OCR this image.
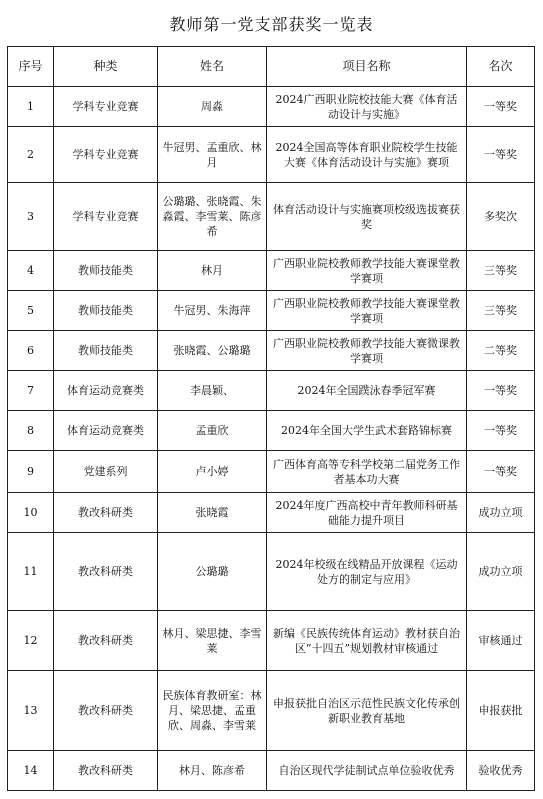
教师第一党支部获奖一览表
序号	种类	姓名	项目名称	名次
1	学科专业竞赛	周淼	2024广西职业院校技能大赛《体育活动设计与实施》	一等奖
2	学科专业竞赛	牛冠男、孟重欣、林月	2024全国高等体育职业院校学生技能大赛《体育活动设计与实施》赛项	一等奖
3	学科专业竞赛	公璐璐、张晓霞、朱淼霞、李雪莱、陈彦希	体育活动设计与实施赛项校级选拔赛获奖	多奖次
4	教师技能类	林月	广西职业院校教师教学技能大赛课堂教学赛项	三等奖
5	教师技能类	牛冠男、朱海萍	广西职业院校教师教学技能大赛课堂教学赛项	三等奖
6	教师技能类	张晓霞、公璐璐	广西职业院校教师教学技能大赛微课教学赛项	二等奖
7	体育运动竞赛类	李晨颖、	2024年全国蹼泳春季冠军赛	一等奖
8	体育运动竞赛类	孟重欣	2024年全国大学生武术套路锦标赛	一等奖
9	党建系列	卢小婷	广西体育高等专科学校第二届党务工作者基本功大赛	一等奖
10	教改科研类	张晓霞	2024年度广西高校中青年教师科研基础能力提升项目	成功立项
11	教改科研类	公璐璐	2024年校级在线精品开放课程《运动处方的制定与应用》	成功立项
12	教改科研类	林月、梁思捷、李雪莱	新编《民族传统体育运动》教材获自治区“十四五”规划教材审核通过	审核通过
13	教改科研类	民族体育教研室：林月、梁思捷、孟重欣、周淼、李雪莱	申报获批自治区示范性民族文化传承创新职业教育基地	申报获批
14	教改科研类	林月、陈彦希	自治区现代学徒制试点单位验收优秀	验收优秀
